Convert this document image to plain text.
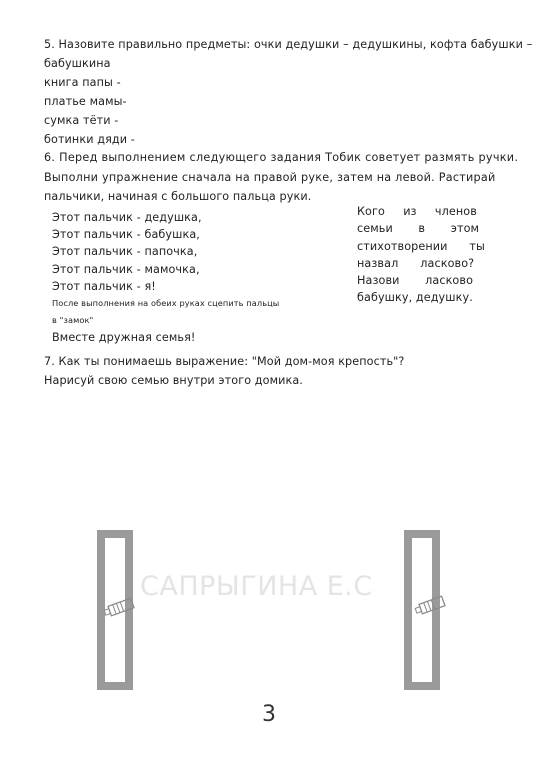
5. Назовите правильно предметы: очки дедушки – дедушкины, кофта бабушки –
бабушкина
книга папы -
платье мамы-
сумка тёти -
ботинки дяди -
6. Перед выполнением следующего задания Тобик советует размять ручки.
Выполни упражнение сначала на правой руке, затем на левой. Растирай
пальчики, начиная с большого пальца руки.
Этот пальчик - дедушка,
Этот пальчик - бабушка,
Этот пальчик - папочка,
Этот пальчик - мамочка,
Этот пальчик - я!
После выполнения на обеих руках сцепить пальцы
в "замок"
Вместе дружная семья!
Кого     из     членов
семьи       в       этом
стихотворении      ты
назвал      ласково?
Назови       ласково
бабушку, дедушку.
7. Как ты понимаешь выражение: "Мой дом-моя крепость"?
Нарисуй свою семью внутри этого домика.
САПРЫГИНА Е.С
3
